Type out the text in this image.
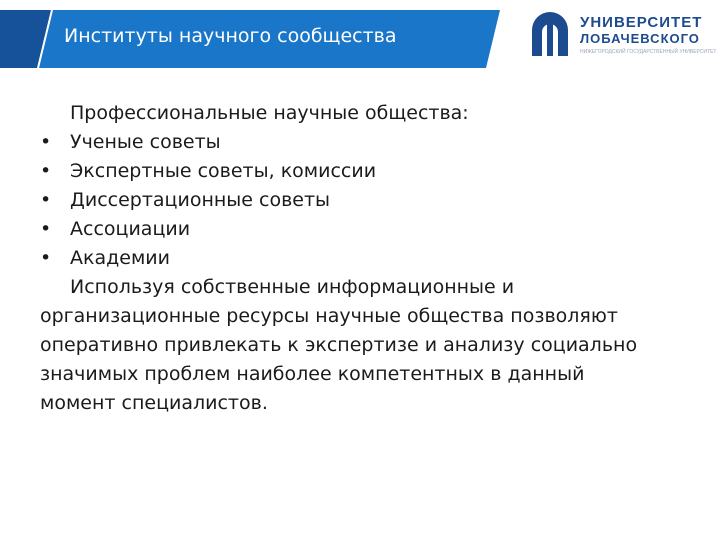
Институты научного сообщества
УНИВЕРСИТЕТ
ЛОБАЧЕВСКОГО
НИЖЕГОРОДСКИЙ ГОСУДАРСТВЕННЫЙ УНИВЕРСИТЕТ
Профессиональные научные общества:
• Ученые советы
• Экспертные советы, комиссии
• Диссертационные советы
• Ассоциации
• Академии
Используя собственные информационные и
организационные ресурсы научные общества позволяют
оперативно привлекать к экспертизе и анализу социально
значимых проблем наиболее компетентных в данный
момент специалистов.
